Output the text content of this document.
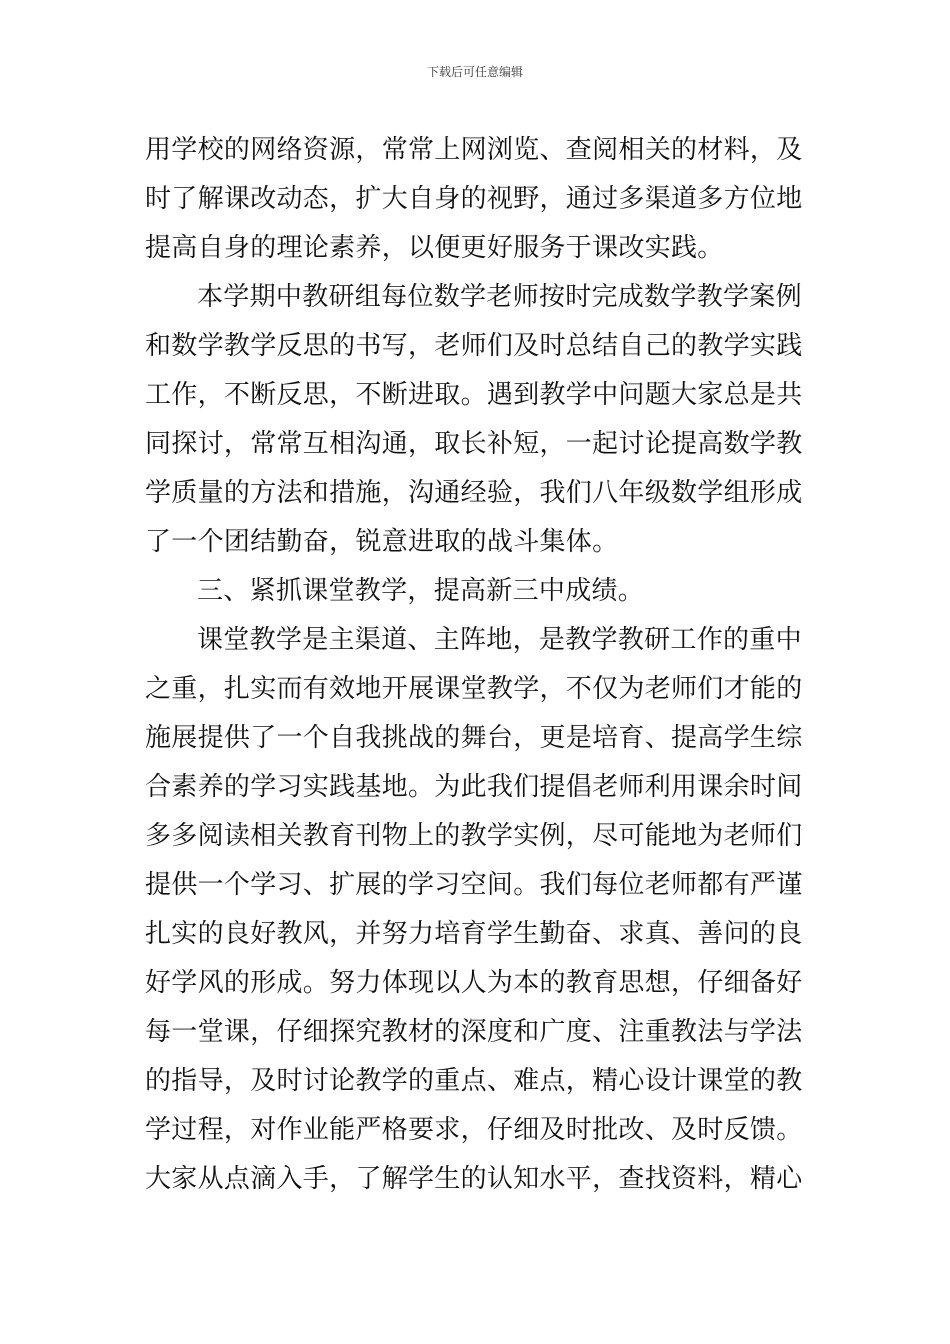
下载后可任意编辑
用学校的网络资源，常常上网浏览、查阅相关的材料，及
时了解课改动态，扩大自身的视野，通过多渠道多方位地
提高自身的理论素养，以便更好服务于课改实践。
本学期中教研组每位数学老师按时完成数学教学案例
和数学教学反思的书写，老师们及时总结自己的教学实践
工作，不断反思，不断进取。遇到教学中问题大家总是共
同探讨，常常互相沟通，取长补短，一起讨论提高数学教
学质量的方法和措施，沟通经验，我们八年级数学组形成
了一个团结勤奋，锐意进取的战斗集体。
三、紧抓课堂教学，提高新三中成绩。
课堂教学是主渠道、主阵地，是教学教研工作的重中
之重，扎实而有效地开展课堂教学，不仅为老师们才能的
施展提供了一个自我挑战的舞台，更是培育、提高学生综
合素养的学习实践基地。为此我们提倡老师利用课余时间
多多阅读相关教育刊物上的教学实例，尽可能地为老师们
提供一个学习、扩展的学习空间。我们每位老师都有严谨
扎实的良好教风，并努力培育学生勤奋、求真、善问的良
好学风的形成。努力体现以人为本的教育思想，仔细备好
每一堂课，仔细探究教材的深度和广度、注重教法与学法
的指导，及时讨论教学的重点、难点，精心设计课堂的教
学过程，对作业能严格要求，仔细及时批改、及时反馈。
大家从点滴入手，了解学生的认知水平，查找资料，精心
